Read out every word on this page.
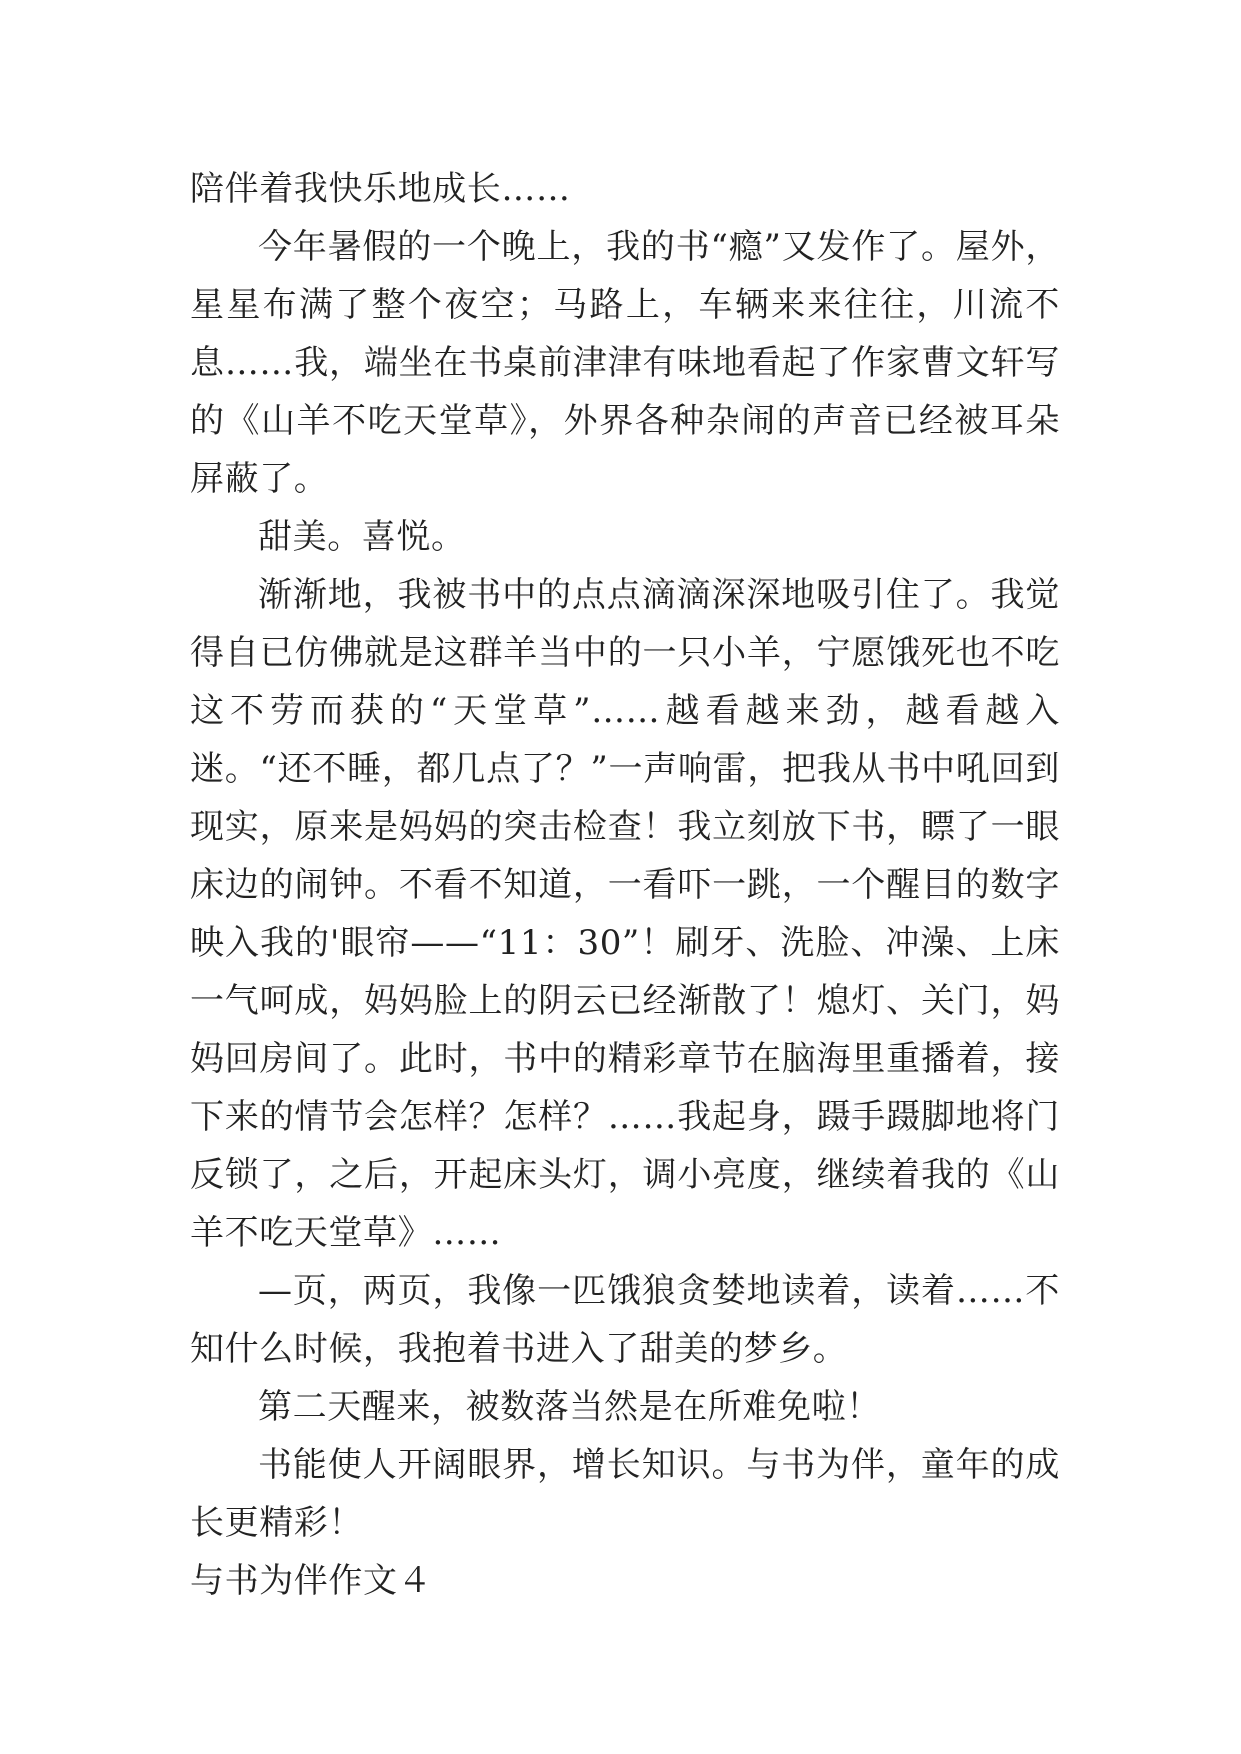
陪伴着我快乐地成长……

今年暑假的一个晚上，我的书“瘾”又发作了。屋外，星星布满了整个夜空；马路上，车辆来来往往，川流不息……我，端坐在书桌前津津有味地看起了作家曹文轩写的《山羊不吃天堂草》，外界各种杂闹的声音已经被耳朵屏蔽了。

甜美。喜悦。

渐渐地，我被书中的点点滴滴深深地吸引住了。我觉得自已仿佛就是这群羊当中的一只小羊，宁愿饿死也不吃这不劳而获的“天堂草”……越看越来劲，越看越入迷。“还不睡，都几点了？”一声响雷，把我从书中吼回到现实，原来是妈妈的突击检查！我立刻放下书，瞟了一眼床边的闹钟。不看不知道，一看吓一跳，一个醒目的数字映入我的'眼帘——“11：30”！刷牙、洗脸、冲澡、上床一气呵成，妈妈脸上的阴云已经渐散了！熄灯、关门，妈妈回房间了。此时，书中的精彩章节在脑海里重播着，接下来的情节会怎样？怎样？……我起身，蹑手蹑脚地将门反锁了，之后，开起床头灯，调小亮度，继续着我的《山羊不吃天堂草》……

—页，两页，我像一匹饿狼贪婪地读着，读着……不知什么时候，我抱着书进入了甜美的梦乡。

第二天醒来，被数落当然是在所难免啦！

书能使人开阔眼界，增长知识。与书为伴，童年的成长更精彩！

与书为伴作文４
